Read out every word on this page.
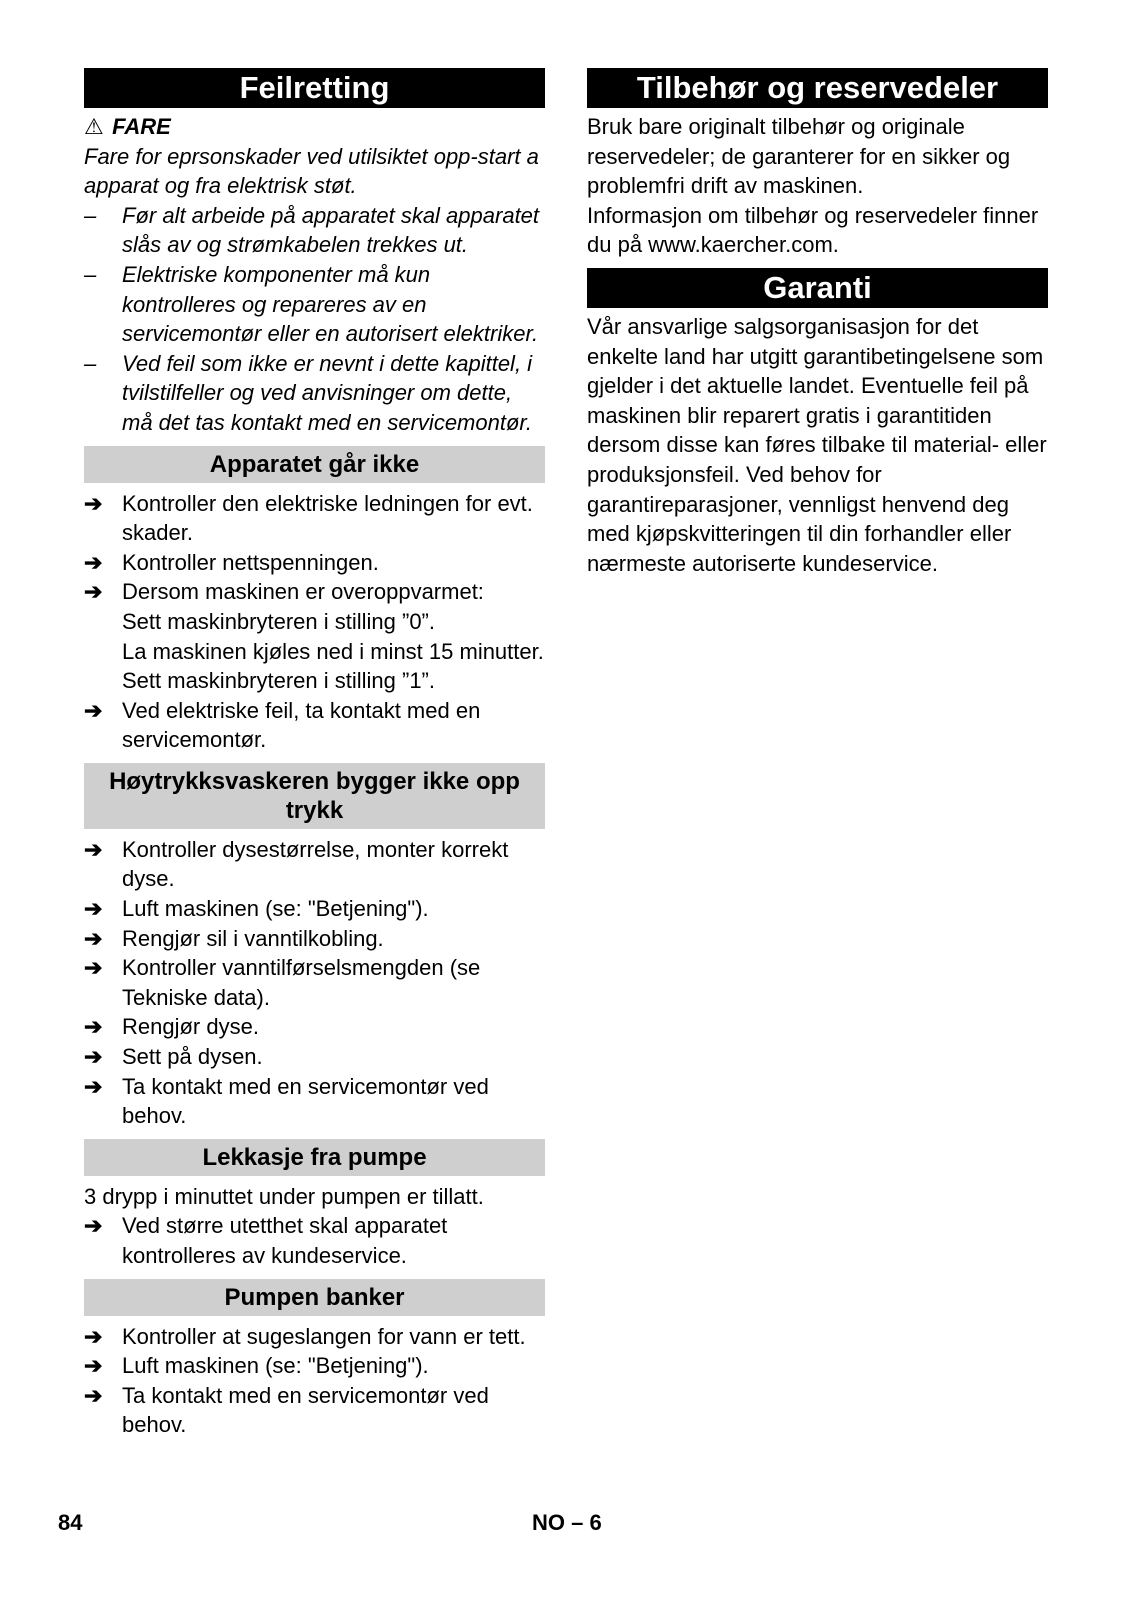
Feilretting
⚠ FARE

Fare for eprsonskader ved utilsiktet opp-start a apparat og fra elektrisk støt.

–	Før alt arbeide på apparatet skal apparatet slås av og strømkabelen trekkes ut.
–	Elektriske komponenter må kun kontrolleres og repareres av en servicemontør eller en autorisert elektriker.
–	Ved feil som ikke er nevnt i dette kapittel, i tvilstilfeller og ved anvisninger om dette, må det tas kontakt med en servicemontør.
Apparatet går ikke
➔ Kontroller den elektriske ledningen for evt. skader.
➔ Kontroller nettspenningen.
➔ Dersom maskinen er overoppvarmet:
Sett maskinbryteren i stilling ”0”.
La maskinen kjøles ned i minst 15 minutter.
Sett maskinbryteren i stilling ”1”.
➔ Ved elektriske feil, ta kontakt med en servicemontør.
Høytrykksvaskeren bygger ikke opp trykk
➔ Kontroller dysestørrelse, monter korrekt dyse.
➔ Luft maskinen (se: "Betjening").
➔ Rengjør sil i vanntilkobling.
➔ Kontroller vanntilførselsmengden (se Tekniske data).
➔ Rengjør dyse.
➔ Sett på dysen.
➔ Ta kontakt med en servicemontør ved behov.
Lekkasje fra pumpe

3 drypp i minuttet under pumpen er tillatt.

➔ Ved større utetthet skal apparatet kontrolleres av kundeservice.
Pumpen banker
➔ Kontroller at sugeslangen for vann er tett.
➔ Luft maskinen (se: "Betjening").
➔ Ta kontakt med en servicemontør ved behov.
Tilbehør og reservedeler

Bruk bare originalt tilbehør og originale reservedeler; de garanterer for en sikker og problemfri drift av maskinen.

Informasjon om tilbehør og reservedeler finner du på www.kaercher.com.

Garanti

Vår ansvarlige salgsorganisasjon for det enkelte land har utgitt garantibetingelsene som gjelder i det aktuelle landet. Eventuelle feil på maskinen blir reparert gratis i garantitiden dersom disse kan føres tilbake til material- eller produksjonsfeil. Ved behov for garantireparasjoner, vennligst henvend deg med kjøpskvitteringen til din forhandler eller nærmeste autoriserte kundeservice.

84	NO – 6
